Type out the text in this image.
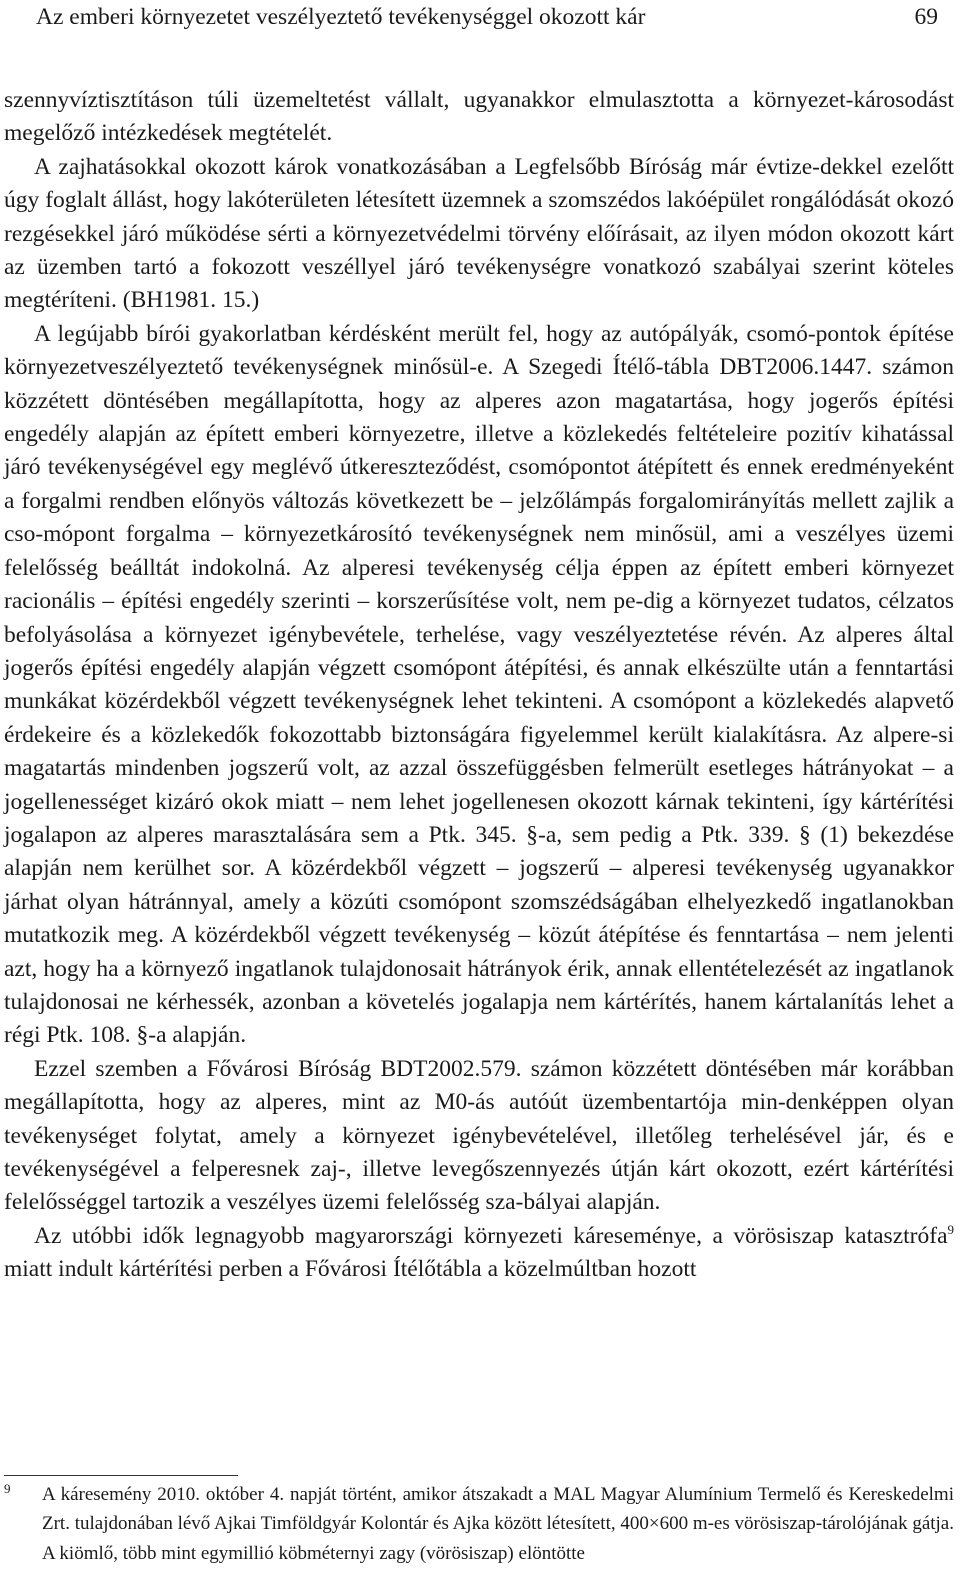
Az emberi környezetet veszélyeztető tevékenységgel okozott kár	69

szennyvíztisztításon túli üzemeltetést vállalt, ugyanakkor elmulasztotta a környezet-károsodást megelőző intézkedések megtételét.

A zajhatásokkal okozott károk vonatkozásában a Legfelsőbb Bíróság már évtize-dekkel ezelőtt úgy foglalt állást, hogy lakóterületen létesített üzemnek a szomszédos lakóépület rongálódását okozó rezgésekkel járó működése sérti a környezetvédelmi törvény előírásait, az ilyen módon okozott kárt az üzemben tartó a fokozott veszéllyel járó tevékenységre vonatkozó szabályai szerint köteles megtéríteni. (BH1981. 15.)

A legújabb bírói gyakorlatban kérdésként merült fel, hogy az autópályák, csomó-pontok építése környezetveszélyeztető tevékenységnek minősül-e. A Szegedi Ítélő-tábla DBT2006.1447. számon közzétett döntésében megállapította, hogy az alperes azon magatartása, hogy jogerős építési engedély alapján az épített emberi környezetre, illetve a közlekedés feltételeire pozitív kihatással járó tevékenységével egy meglévő útkereszteződést, csomópontot átépített és ennek eredményeként a forgalmi rendben előnyös változás következett be – jelzőlámpás forgalomirányítás mellett zajlik a cso-mópont forgalma – környezetkárosító tevékenységnek nem minősül, ami a veszélyes üzemi felelősség beálltát indokolná. Az alperesi tevékenység célja éppen az épített emberi környezet racionális – építési engedély szerinti – korszerűsítése volt, nem pe-dig a környezet tudatos, célzatos befolyásolása a környezet igénybevétele, terhelése, vagy veszélyeztetése révén. Az alperes által jogerős építési engedély alapján végzett csomópont átépítési, és annak elkészülte után a fenntartási munkákat közérdekből végzett tevékenységnek lehet tekinteni. A csomópont a közlekedés alapvető érdekeire és a közlekedők fokozottabb biztonságára figyelemmel került kialakításra. Az alpere-si magatartás mindenben jogszerű volt, az azzal összefüggésben felmerült esetleges hátrányokat – a jogellenességet kizáró okok miatt – nem lehet jogellenesen okozott kárnak tekinteni, így kártérítési jogalapon az alperes marasztalására sem a Ptk. 345. §-a, sem pedig a Ptk. 339. § (1) bekezdése alapján nem kerülhet sor. A közérdekből végzett – jogszerű – alperesi tevékenység ugyanakkor járhat olyan hátránnyal, amely a közúti csomópont szomszédságában elhelyezkedő ingatlanokban mutatkozik meg. A közérdekből végzett tevékenység – közút átépítése és fenntartása – nem jelenti azt, hogy ha a környező ingatlanok tulajdonosait hátrányok érik, annak ellentételezését az ingatlanok tulajdonosai ne kérhessék, azonban a követelés jogalapja nem kártérítés, hanem kártalanítás lehet a régi Ptk. 108. §-a alapján.

Ezzel szemben a Fővárosi Bíróság BDT2002.579. számon közzétett döntésében már korábban megállapította, hogy az alperes, mint az M0-ás autóút üzembentartója min-denképpen olyan tevékenységet folytat, amely a környezet igénybevételével, illetőleg terhelésével jár, és e tevékenységével a felperesnek zaj-, illetve levegőszennyezés útján kárt okozott, ezért kártérítési felelősséggel tartozik a veszélyes üzemi felelősség sza-bályai alapján.

Az utóbbi idők legnagyobb magyarországi környezeti káreseménye, a vörösiszap katasztrófa$^9$ miatt indult kártérítési perben a Fővárosi Ítélőtábla a közelmúltban hozott

9 A káresemény 2010. október 4. napját történt, amikor átszakadt a MAL Magyar Alumínium Termelő és Kereskedelmi Zrt. tulajdonában lévő Ajkai Timföldgyár Kolontár és Ajka között létesített, 400×600 m-es vörösiszap-tárolójának gátja. A kiömlő, több mint egymillió köbméternyi zagy (vörösiszap) elöntötte
